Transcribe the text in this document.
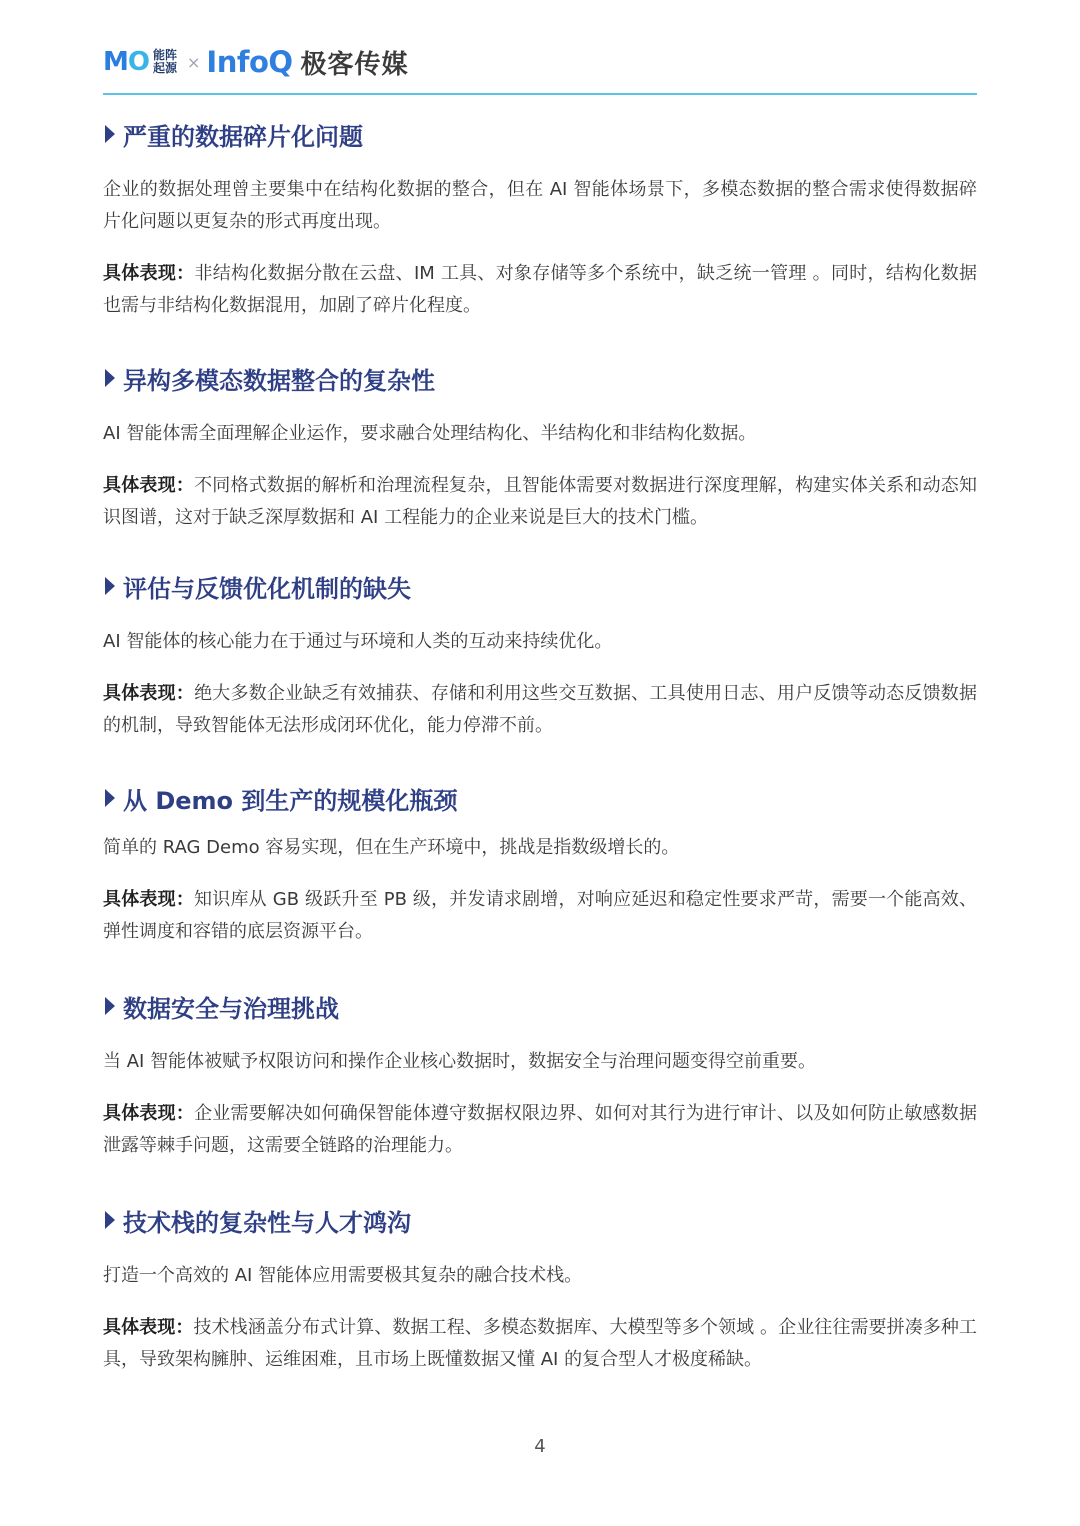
MO 能阵
起源 × InfoQ 极客传媒
严重的数据碎片化问题

企业的数据处理曾主要集中在结构化数据的整合，但在 AI 智能体场景下，多模态数据的整合需求使得数据碎片化问题以更复杂的形式再度出现。

具体表现：非结构化数据分散在云盘、IM 工具、对象存储等多个系统中，缺乏统一管理 。同时，结构化数据也需与非结构化数据混用，加剧了碎片化程度。

异构多模态数据整合的复杂性

AI 智能体需全面理解企业运作，要求融合处理结构化、半结构化和非结构化数据。

具体表现：不同格式数据的解析和治理流程复杂，且智能体需要对数据进行深度理解，构建实体关系和动态知识图谱，这对于缺乏深厚数据和 AI 工程能力的企业来说是巨大的技术门槛。

评估与反馈优化机制的缺失

AI 智能体的核心能力在于通过与环境和人类的互动来持续优化。

具体表现：绝大多数企业缺乏有效捕获、存储和利用这些交互数据、工具使用日志、用户反馈等动态反馈数据的机制，导致智能体无法形成闭环优化，能力停滞不前。

从 Demo 到生产的规模化瓶颈

简单的 RAG Demo 容易实现，但在生产环境中，挑战是指数级增长的。

具体表现：知识库从 GB 级跃升至 PB 级，并发请求剧增，对响应延迟和稳定性要求严苛，需要一个能高效、弹性调度和容错的底层资源平台。

数据安全与治理挑战

当 AI 智能体被赋予权限访问和操作企业核心数据时，数据安全与治理问题变得空前重要。

具体表现：企业需要解决如何确保智能体遵守数据权限边界、如何对其行为进行审计、以及如何防止敏感数据泄露等棘手问题，这需要全链路的治理能力。

技术栈的复杂性与人才鸿沟

打造一个高效的 AI 智能体应用需要极其复杂的融合技术栈。

具体表现：技术栈涵盖分布式计算、数据工程、多模态数据库、大模型等多个领域 。企业往往需要拼凑多种工具，导致架构臃肿、运维困难，且市场上既懂数据又懂 AI 的复合型人才极度稀缺。

4
